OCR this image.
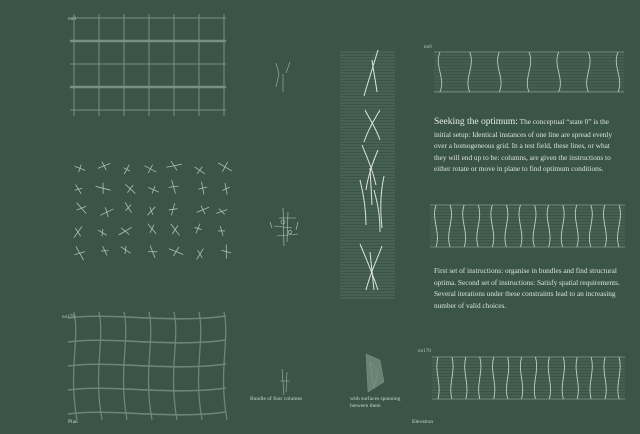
null
no179
Plan
Bundle of four columns	with surfaces spanning
between them
no0
Seeking the optimum: The conceptual “state 0” is the initial setup: Identical instances of one line are spread evenly over a homogeneous grid. In a test field, these lines, or what they will end up to be: columns, are given the instructions to either rotate or move in plane to find optimum conditions.
First set of instructions: organise in bundles and find structural optima. Second set of instructions: Satisfy spatial requirements. Several iterations under these constraints lead to an increasing number of valid choices.
no170
Elevation
